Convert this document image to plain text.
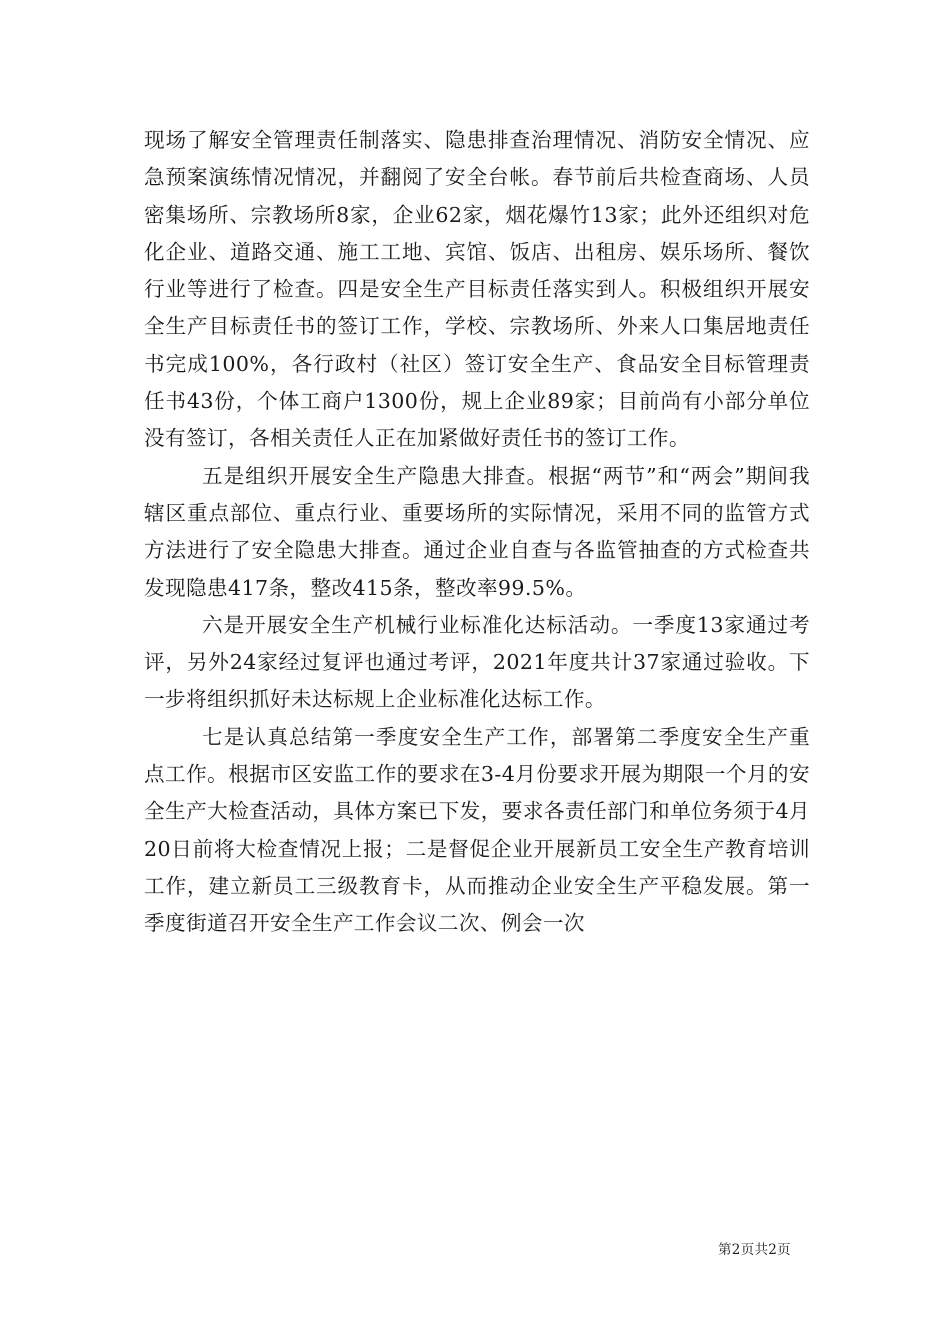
现场了解安全管理责任制落实、隐患排查治理情况、消防安全情况、应急预案演练情况情况，并翻阅了安全台帐。春节前后共检查商场、人员密集场所、宗教场所8家，企业62家，烟花爆竹13家；此外还组织对危化企业、道路交通、施工工地、宾馆、饭店、出租房、娱乐场所、餐饮行业等进行了检查。四是安全生产目标责任落实到人。积极组织开展安全生产目标责任书的签订工作，学校、宗教场所、外来人口集居地责任书完成100%，各行政村（社区）签订安全生产、食品安全目标管理责任书43份，个体工商户1300份，规上企业89家；目前尚有小部分单位没有签订，各相关责任人正在加紧做好责任书的签订工作。

五是组织开展安全生产隐患大排查。根据“两节”和“两会”期间我辖区重点部位、重点行业、重要场所的实际情况，采用不同的监管方式方法进行了安全隐患大排查。通过企业自查与各监管抽查的方式检查共发现隐患417条，整改415条，整改率99.5%。

六是开展安全生产机械行业标准化达标活动。一季度13家通过考评，另外24家经过复评也通过考评，2021年度共计37家通过验收。下一步将组织抓好未达标规上企业标准化达标工作。

七是认真总结第一季度安全生产工作，部署第二季度安全生产重点工作。根据市区安监工作的要求在3-4月份要求开展为期限一个月的安全生产大检查活动，具体方案已下发，要求各责任部门和单位务须于4月20日前将大检查情况上报；二是督促企业开展新员工安全生产教育培训工作，建立新员工三级教育卡，从而推动企业安全生产平稳发展。第一季度街道召开安全生产工作会议二次、例会一次

第2页共2页
